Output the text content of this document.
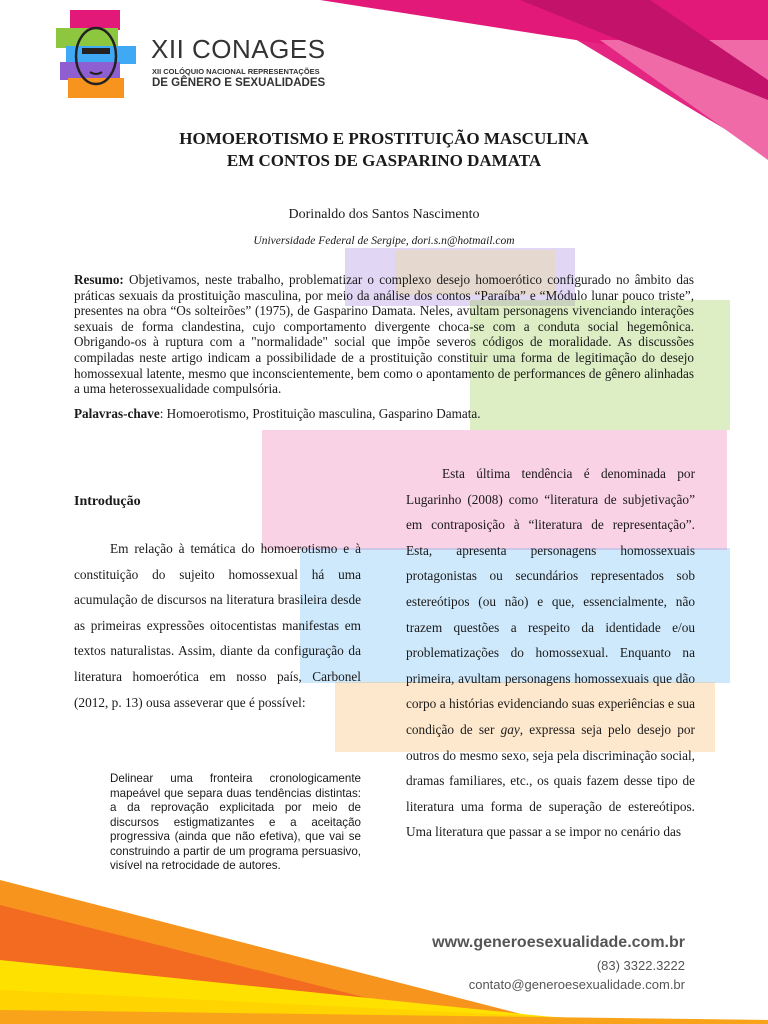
XII CONAGES
XII COLÓQUIO NACIONAL REPRESENTAÇÕES
DE GÊNERO E SEXUALIDADES
HOMOEROTISMO E PROSTITUIÇÃO MASCULINA
EM CONTOS DE GASPARINO DAMATA
Dorinaldo dos Santos Nascimento
Universidade Federal de Sergipe, dori.s.n@hotmail.com
Resumo: Objetivamos, neste trabalho, problematizar o complexo desejo homoerótico configurado no âmbito das práticas sexuais da prostituição masculina, por meio da análise dos contos “Paraíba” e “Módulo lunar pouco triste”, presentes na obra “Os solteirões” (1975), de Gasparino Damata. Neles, avultam personagens vivenciando interações sexuais de forma clandestina, cujo comportamento divergente choca-se com a conduta social hegemônica. Obrigando-os à ruptura com a "normalidade" social que impõe severos códigos de moralidade. As discussões compiladas neste artigo indicam a possibilidade de a prostituição constituir uma forma de legitimação do desejo homossexual latente, mesmo que inconscientemente, bem como o apontamento de performances de gênero alinhadas a uma heterossexualidade compulsória.
Palavras-chave: Homoerotismo, Prostituição masculina, Gasparino Damata.
Introdução

Em relação à temática do homoerotismo e à constituição do sujeito homossexual há uma acumulação de discursos na literatura brasileira desde as primeiras expressões oitocentistas manifestas em textos naturalistas. Assim, diante da configuração da literatura homoerótica em nosso país, Carbonel (2012, p. 13) ousa asseverar que é possível:

Delinear uma fronteira cronologicamente mapeável que separa duas tendências distintas: a da reprovação explicitada por meio de discursos estigmatizantes e a aceitação progressiva (ainda que não efetiva), que vai se construindo a partir de um programa persuasivo, visível na retrocidade de autores.

Esta última tendência é denominada por Lugarinho (2008) como “literatura de subjetivação” em contraposição à “literatura de representação”. Esta, apresenta personagens homossexuais protagonistas ou secundários representados sob estereótipos (ou não) e que, essencialmente, não trazem questões a respeito da identidade e/ou problematizações do homossexual. Enquanto na primeira, avultam personagens homossexuais que dão corpo a histórias evidenciando suas experiências e sua condição de ser gay, expressa seja pelo desejo por outros do mesmo sexo, seja pela discriminação social, dramas familiares, etc., os quais fazem desse tipo de literatura uma forma de superação de estereótipos. Uma literatura que passar a se impor no cenário das

www.generoesexualidade.com.br
(83) 3322.3222
contato@generoesexualidade.com.br
